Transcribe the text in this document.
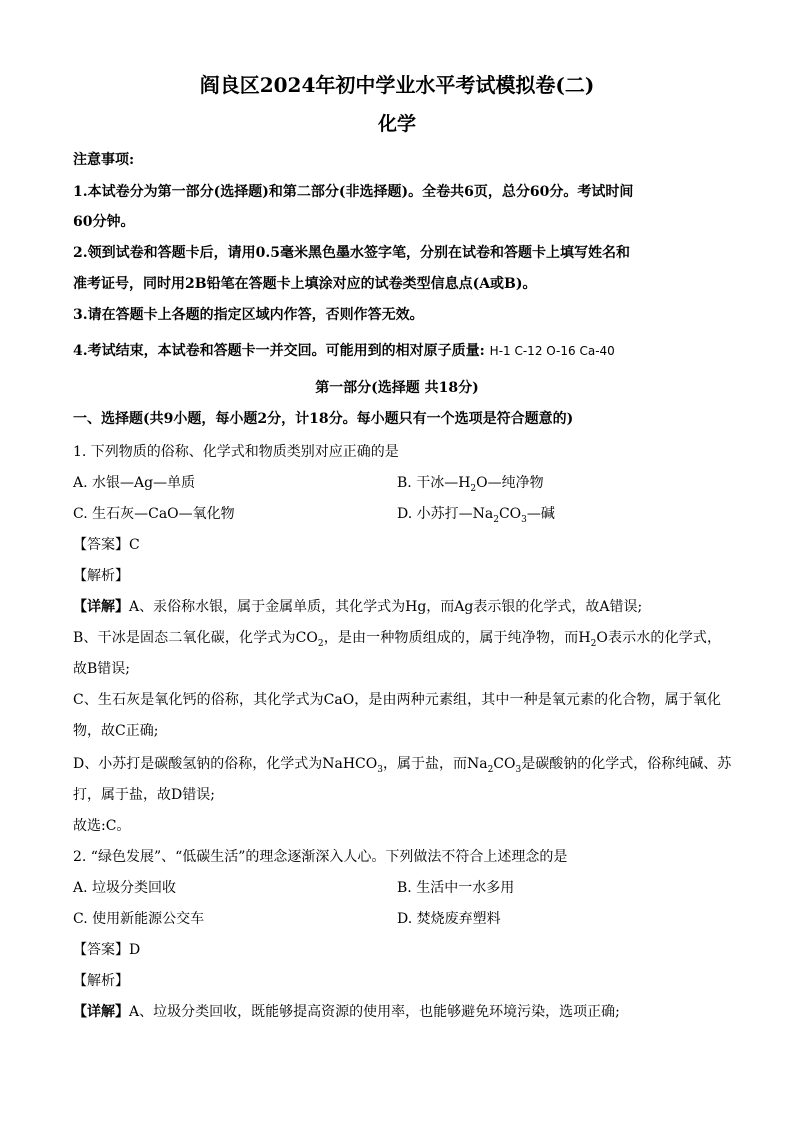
阎良区2024年初中学业水平考试模拟卷(二)
化学
注意事项:
1.本试卷分为第一部分(选择题)和第二部分(非选择题)。全卷共6页，总分60分。考试时间
60分钟。
2.领到试卷和答题卡后，请用0.5毫米黑色墨水签字笔，分别在试卷和答题卡上填写姓名和
准考证号，同时用2B铅笔在答题卡上填涂对应的试卷类型信息点(A或B)。
3.请在答题卡上各题的指定区域内作答，否则作答无效。
4.考试结束，本试卷和答题卡一并交回。可能用到的相对原子质量: H-1 C-12 O-16 Ca-40
第一部分(选择题 共18分)
一、选择题(共9小题，每小题2分，计18分。每小题只有一个选项是符合题意的)
1. 下列物质的俗称、化学式和物质类别对应正确的是
A. 水银—Ag—单质	B. 干冰$—H_2O—$纯净物
C. 生石灰—CaO—氧化物	D. 小苏打$—Na_2CO_3—$碱
【答案】C
【解析】
【详解】A、汞俗称水银，属于金属单质，其化学式为Hg，而Ag表示银的化学式，故A错误;
B、干冰是固态二氧化碳，化学式为$CO_2$，是由一种物质组成的，属于纯净物，而$H_2O$表示水的化学式，
故B错误;
C、生石灰是氧化钙的俗称，其化学式为CaO，是由两种元素组，其中一种是氧元素的化合物，属于氧化
物，故C正确;
D、小苏打是碳酸氢钠的俗称，化学式为NaHCO$_3$，属于盐，而$Na_2CO_3$是碳酸钠的化学式，俗称纯碱、苏
打，属于盐，故D错误;
故选:C。
2. “绿色发展”、“低碳生活”的理念逐渐深入人心。下列做法不符合上述理念的是
A. 垃圾分类回收	B. 生活中一水多用
C. 使用新能源公交车	D. 焚烧废弃塑料
【答案】D
【解析】
【详解】A、垃圾分类回收，既能够提高资源的使用率，也能够避免环境污染，选项正确;
